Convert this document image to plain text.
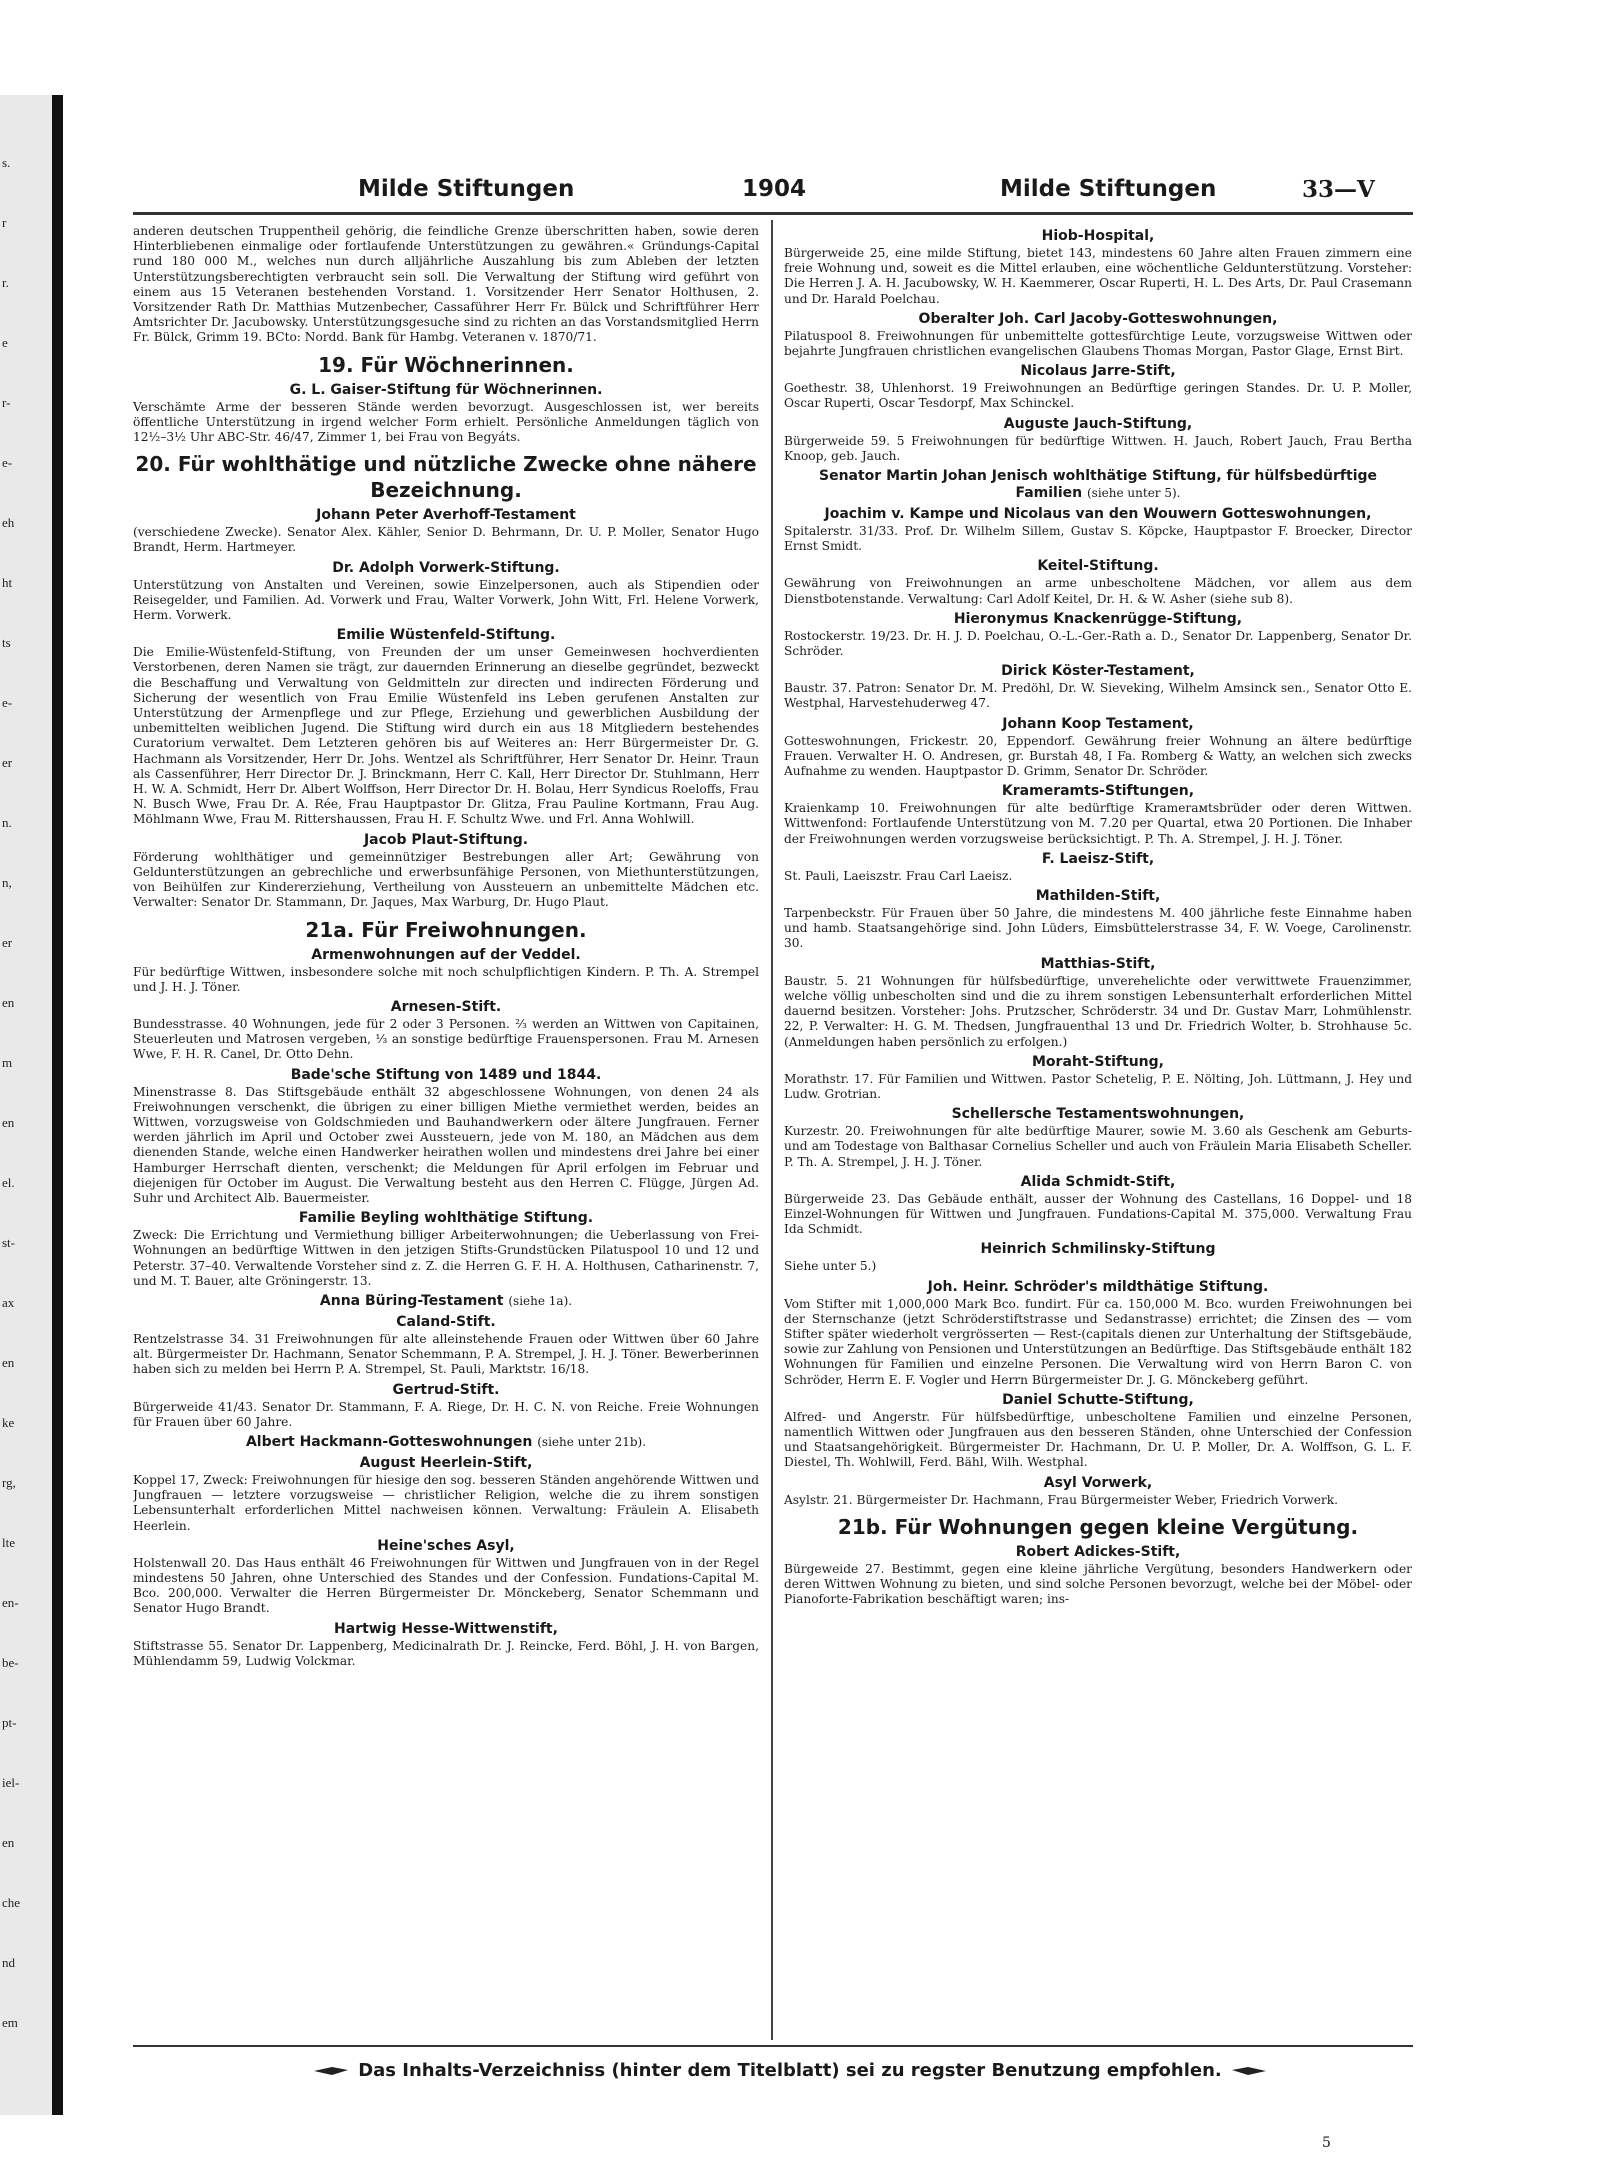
s.
r
r.
e
r-
e-
eh
ht
ts
e-
er
n.
n,
er
en
m
en
el.
st-
ax
en
ke
rg,
lte
en-
be-
pt-
iel-
en
che
nd
em
Milde Stiftungen	1904	Milde Stiftungen	33—V

anderen deutschen Truppentheil gehörig, die feindliche Grenze überschritten haben, sowie deren Hinterbliebenen einmalige oder fortlaufende Unterstützungen zu gewähren.« Gründungs-Capital rund 180 000 M., welches nun durch alljährliche Auszahlung bis zum Ableben der letzten Unterstützungsberechtigten verbraucht sein soll. Die Verwaltung der Stiftung wird geführt von einem aus 15 Veteranen bestehenden Vorstand. 1. Vorsitzender Herr Senator Holthusen, 2. Vorsitzender Rath Dr. Matthias Mutzenbecher, Cassaführer Herr Fr. Bülck und Schriftführer Herr Amtsrichter Dr. Jacubowsky. Unterstützungsgesuche sind zu richten an das Vorstandsmitglied Herrn Fr. Bülck, Grimm 19. BCto: Nordd. Bank für Hambg. Veteranen v. 1870/71.

19. Für Wöchnerinnen.
G. L. Gaiser-Stiftung für Wöchnerinnen.

Verschämte Arme der besseren Stände werden bevorzugt. Ausgeschlossen ist, wer bereits öffentliche Unterstützung in irgend welcher Form erhielt. Persönliche Anmeldungen täglich von 12½–3½ Uhr ABC-Str. 46/47, Zimmer 1, bei Frau von Begyáts.

20. Für wohlthätige und nützliche Zwecke ohne nähere Bezeichnung.
Johann Peter Averhoff-Testament

(verschiedene Zwecke). Senator Alex. Kähler, Senior D. Behrmann, Dr. U. P. Moller, Senator Hugo Brandt, Herm. Hartmeyer.

Dr. Adolph Vorwerk-Stiftung.

Unterstützung von Anstalten und Vereinen, sowie Einzelpersonen, auch als Stipendien oder Reisegelder, und Familien. Ad. Vorwerk und Frau, Walter Vorwerk, John Witt, Frl. Helene Vorwerk, Herm. Vorwerk.

Emilie Wüstenfeld-Stiftung.

Die Emilie-Wüstenfeld-Stiftung, von Freunden der um unser Gemeinwesen hochverdienten Verstorbenen, deren Namen sie trägt, zur dauernden Erinnerung an dieselbe gegründet, bezweckt die Beschaffung und Verwaltung von Geldmitteln zur directen und indirecten Förderung und Sicherung der wesentlich von Frau Emilie Wüstenfeld ins Leben gerufenen Anstalten zur Unterstützung der Armenpflege und zur Pflege, Erziehung und gewerblichen Ausbildung der unbemittelten weiblichen Jugend. Die Stiftung wird durch ein aus 18 Mitgliedern bestehendes Curatorium verwaltet. Dem Letzteren gehören bis auf Weiteres an: Herr Bürgermeister Dr. G. Hachmann als Vorsitzender, Herr Dr. Johs. Wentzel als Schriftführer, Herr Senator Dr. Heinr. Traun als Cassenführer, Herr Director Dr. J. Brinckmann, Herr C. Kall, Herr Director Dr. Stuhlmann, Herr H. W. A. Schmidt, Herr Dr. Albert Wolffson, Herr Director Dr. H. Bolau, Herr Syndicus Roeloffs, Frau N. Busch Wwe, Frau Dr. A. Rée, Frau Hauptpastor Dr. Glitza, Frau Pauline Kortmann, Frau Aug. Möhlmann Wwe, Frau M. Rittershaussen, Frau H. F. Schultz Wwe. und Frl. Anna Wohlwill.

Jacob Plaut-Stiftung.

Förderung wohlthätiger und gemeinnütziger Bestrebungen aller Art; Gewährung von Geldunterstützungen an gebrechliche und erwerbsunfähige Personen, von Miethunterstützungen, von Beihülfen zur Kindererziehung, Vertheilung von Aussteuern an unbemittelte Mädchen etc. Verwalter: Senator Dr. Stammann, Dr. Jaques, Max Warburg, Dr. Hugo Plaut.

21a. Für Freiwohnungen.
Armenwohnungen auf der Veddel.

Für bedürftige Wittwen, insbesondere solche mit noch schulpflichtigen Kindern. P. Th. A. Strempel und J. H. J. Töner.

Arnesen-Stift.

Bundesstrasse. 40 Wohnungen, jede für 2 oder 3 Personen. ⅔ werden an Wittwen von Capitainen, Steuerleuten und Matrosen vergeben, ⅓ an sonstige bedürftige Frauenspersonen. Frau M. Arnesen Wwe, F. H. R. Canel, Dr. Otto Dehn.

Bade'sche Stiftung von 1489 und 1844.

Minenstrasse 8. Das Stiftsgebäude enthält 32 abgeschlossene Wohnungen, von denen 24 als Freiwohnungen verschenkt, die übrigen zu einer billigen Miethe vermiethet werden, beides an Wittwen, vorzugsweise von Goldschmieden und Bauhandwerkern oder ältere Jungfrauen. Ferner werden jährlich im April und October zwei Aussteuern, jede von M. 180, an Mädchen aus dem dienenden Stande, welche einen Handwerker heirathen wollen und mindestens drei Jahre bei einer Hamburger Herrschaft dienten, verschenkt; die Meldungen für April erfolgen im Februar und diejenigen für October im August. Die Verwaltung besteht aus den Herren C. Flügge, Jürgen Ad. Suhr und Architect Alb. Bauermeister.

Familie Beyling wohlthätige Stiftung.

Zweck: Die Errichtung und Vermiethung billiger Arbeiterwohnungen; die Ueberlassung von Frei-Wohnungen an bedürftige Wittwen in den jetzigen Stifts-Grundstücken Pilatuspool 10 und 12 und Peterstr. 37–40. Verwaltende Vorsteher sind z. Z. die Herren G. F. H. A. Holthusen, Catharinenstr. 7, und M. T. Bauer, alte Gröningerstr. 13.

Anna Büring-Testament (siehe 1a).
Caland-Stift.

Rentzelstrasse 34. 31 Freiwohnungen für alte alleinstehende Frauen oder Wittwen über 60 Jahre alt. Bürgermeister Dr. Hachmann, Senator Schemmann, P. A. Strempel, J. H. J. Töner. Bewerberinnen haben sich zu melden bei Herrn P. A. Strempel, St. Pauli, Marktstr. 16/18.

Gertrud-Stift.

Bürgerweide 41/43. Senator Dr. Stammann, F. A. Riege, Dr. H. C. N. von Reiche. Freie Wohnungen für Frauen über 60 Jahre.

Albert Hackmann-Gotteswohnungen (siehe unter 21b).
August Heerlein-Stift,

Koppel 17, Zweck: Freiwohnungen für hiesige den sog. besseren Ständen angehörende Wittwen und Jungfrauen — letztere vorzugsweise — christlicher Religion, welche die zu ihrem sonstigen Lebensunterhalt erforderlichen Mittel nachweisen können. Verwaltung: Fräulein A. Elisabeth Heerlein.

Heine'sches Asyl,

Holstenwall 20. Das Haus enthält 46 Freiwohnungen für Wittwen und Jungfrauen von in der Regel mindestens 50 Jahren, ohne Unterschied des Standes und der Confession. Fundations-Capital M. Bco. 200,000. Verwalter die Herren Bürgermeister Dr. Mönckeberg, Senator Schemmann und Senator Hugo Brandt.

Hartwig Hesse-Wittwenstift,

Stiftstrasse 55. Senator Dr. Lappenberg, Medicinalrath Dr. J. Reincke, Ferd. Böhl, J. H. von Bargen, Mühlendamm 59, Ludwig Volckmar.

Hiob-Hospital,

Bürgerweide 25, eine milde Stiftung, bietet 143, mindestens 60 Jahre alten Frauen zimmern eine freie Wohnung und, soweit es die Mittel erlauben, eine wöchentliche Geldunterstützung. Vorsteher: Die Herren J. A. H. Jacubowsky, W. H. Kaemmerer, Oscar Ruperti, H. L. Des Arts, Dr. Paul Crasemann und Dr. Harald Poelchau.

Oberalter Joh. Carl Jacoby-Gotteswohnungen,

Pilatuspool 8. Freiwohnungen für unbemittelte gottesfürchtige Leute, vorzugsweise Wittwen oder bejahrte Jungfrauen christlichen evangelischen Glaubens Thomas Morgan, Pastor Glage, Ernst Birt.

Nicolaus Jarre-Stift,

Goethestr. 38, Uhlenhorst. 19 Freiwohnungen an Bedürftige geringen Standes. Dr. U. P. Moller, Oscar Ruperti, Oscar Tesdorpf, Max Schinckel.

Auguste Jauch-Stiftung,

Bürgerweide 59. 5 Freiwohnungen für bedürftige Wittwen. H. Jauch, Robert Jauch, Frau Bertha Knoop, geb. Jauch.

Senator Martin Johan Jenisch wohlthätige Stiftung, für hülfsbedürftige Familien (siehe unter 5).
Joachim v. Kampe und Nicolaus van den Wouwern Gotteswohnungen,

Spitalerstr. 31/33. Prof. Dr. Wilhelm Sillem, Gustav S. Köpcke, Hauptpastor F. Broecker, Director Ernst Smidt.

Keitel-Stiftung.

Gewährung von Freiwohnungen an arme unbescholtene Mädchen, vor allem aus dem Dienstbotenstande. Verwaltung: Carl Adolf Keitel, Dr. H. & W. Asher (siehe sub 8).

Hieronymus Knackenrügge-Stiftung,

Rostockerstr. 19/23. Dr. H. J. D. Poelchau, O.-L.-Ger.-Rath a. D., Senator Dr. Lappenberg, Senator Dr. Schröder.

Dirick Köster-Testament,

Baustr. 37. Patron: Senator Dr. M. Predöhl, Dr. W. Sieveking, Wilhelm Amsinck sen., Senator Otto E. Westphal, Harvestehuderweg 47.

Johann Koop Testament,

Gotteswohnungen, Frickestr. 20, Eppendorf. Gewährung freier Wohnung an ältere bedürftige Frauen. Verwalter H. O. Andresen, gr. Burstah 48, I Fa. Romberg & Watty, an welchen sich zwecks Aufnahme zu wenden. Hauptpastor D. Grimm, Senator Dr. Schröder.

Krameramts-Stiftungen,

Kraienkamp 10. Freiwohnungen für alte bedürftige Kramerамtsbrüder oder deren Wittwen. Wittwenfond: Fortlaufende Unterstützung von M. 7.20 per Quartal, etwa 20 Portionen. Die Inhaber der Freiwohnungen werden vorzugsweise berücksichtigt. P. Th. A. Strempel, J. H. J. Töner.

F. Laeisz-Stift,

St. Pauli, Laeiszstr. Frau Carl Laeisz.

Mathilden-Stift,

Tarpenbeckstr. Für Frauen über 50 Jahre, die mindestens M. 400 jährliche feste Einnahme haben und hamb. Staatsangehörige sind. John Lüders, Eimsbüttelerstrasse 34, F. W. Voege, Carolinenstr. 30.

Matthias-Stift,

Baustr. 5. 21 Wohnungen für hülfsbedürftige, unverehelichte oder verwittwete Frauenzimmer, welche völlig unbescholten sind und die zu ihrem sonstigen Lebensunterhalt erforderlichen Mittel dauernd besitzen. Vorsteher: Johs. Prutzscher, Schröderstr. 34 und Dr. Gustav Marr, Lohmühlenstr. 22, P. Verwalter: H. G. M. Thedsen, Jungfrauenthal 13 und Dr. Friedrich Wolter, b. Strohhause 5c. (Anmeldungen haben persönlich zu erfolgen.)

Moraht-Stiftung,

Morathstr. 17. Für Familien und Wittwen. Pastor Schetelig, P. E. Nölting, Joh. Lüttmann, J. Hey und Ludw. Grotrian.

Schellersche Testamentswohnungen,

Kurzestr. 20. Freiwohnungen für alte bedürftige Maurer, sowie M. 3.60 als Geschenk am Geburts- und am Todestage von Balthasar Cornelius Scheller und auch von Fräulein Maria Elisabeth Scheller. P. Th. A. Strempel, J. H. J. Töner.

Alida Schmidt-Stift,

Bürgerweide 23. Das Gebäude enthält, ausser der Wohnung des Castellans, 16 Doppel- und 18 Einzel-Wohnungen für Wittwen und Jungfrauen. Fundations-Capital M. 375,000. Verwaltung Frau Ida Schmidt.

Heinrich Schmilinsky-Stiftung

Siehe unter 5.)

Joh. Heinr. Schröder's mildthätige Stiftung.

Vom Stifter mit 1,000,000 Mark Bco. fundirt. Für ca. 150,000 M. Bco. wurden Freiwohnungen bei der Sternschanze (jetzt Schröderstiftstrasse und Sedanstrasse) errichtet; die Zinsen des — vom Stifter später wiederholt vergrösserten — Rest-(capitals dienen zur Unterhaltung der Stiftsgebäude, sowie zur Zahlung von Pensionen und Unterstützungen an Bedürftige. Das Stiftsgebäude enthält 182 Wohnungen für Familien und einzelne Personen. Die Verwaltung wird von Herrn Baron C. von Schröder, Herrn E. F. Vogler und Herrn Bürgermeister Dr. J. G. Mönckeberg geführt.

Daniel Schutte-Stiftung,

Alfred- und Angerstr. Für hülfsbedürftige, unbescholtene Familien und einzelne Personen, namentlich Wittwen oder Jungfrauen aus den besseren Ständen, ohne Unterschied der Confession und Staatsangehörigkeit. Bürgermeister Dr. Hachmann, Dr. U. P. Moller, Dr. A. Wolffson, G. L. F. Diestel, Th. Wohlwill, Ferd. Bähl, Wilh. Westphal.

Asyl Vorwerk,

Asylstr. 21. Bürgermeister Dr. Hachmann, Frau Bürgermeister Weber, Friedrich Vorwerk.

21b. Für Wohnungen gegen kleine Vergütung.
Robert Adickes-Stift,

Bürgeweide 27. Bestimmt, gegen eine kleine jährliche Vergütung, besonders Handwerkern oder deren Wittwen Wohnung zu bieten, und sind solche Personen bevorzugt, welche bei der Möbel- oder Pianoforte-Fabrikation beschäftigt waren; ins-

Das Inhalts-Verzeichniss (hinter dem Titelblatt) sei zu regster Benutzung empfohlen.
5
